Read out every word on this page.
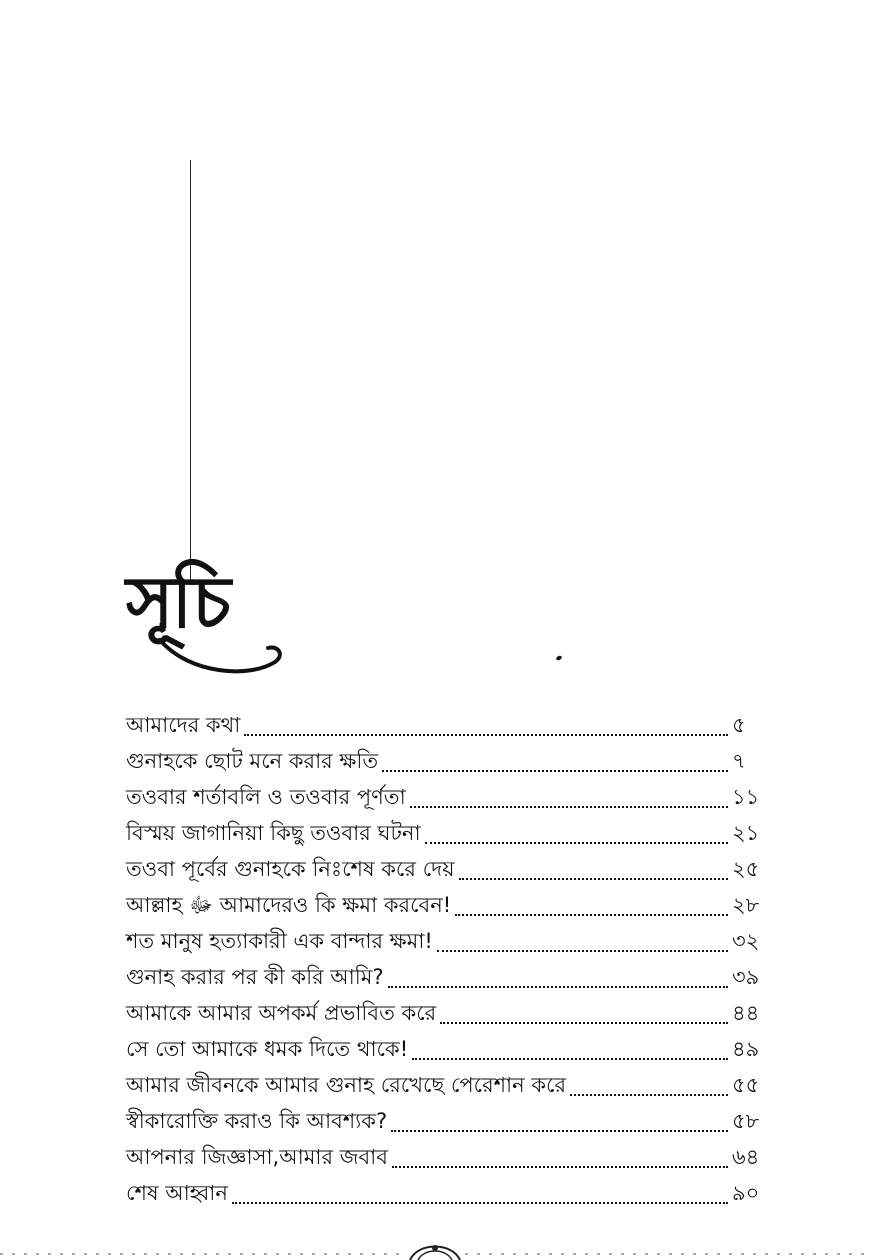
সূচি
আমাদের কথা	৫
গুনাহকে ছোট মনে করার ক্ষতি	৭
তওবার শর্তাবলি ও তওবার পূর্ণতা	১১
বিস্ময় জাগানিয়া কিছু তওবার ঘটনা	২১
তওবা পূর্বের গুনাহকে নিঃশেষ করে দেয়	২৫
আল্লাহ ﷻ আমাদেরও কি ক্ষমা করবেন!	২৮
শত মানুষ হত্যাকারী এক বান্দার ক্ষমা!	৩২
গুনাহ করার পর কী করি আমি?	৩৯
আমাকে আমার অপকর্ম প্রভাবিত করে	৪৪
সে তো আমাকে ধমক দিতে থাকে!	৪৯
আমার জীবনকে আমার গুনাহ রেখেছে পেরেশান করে	৫৫
স্বীকারোক্তি করাও কি আবশ্যক?	৫৮
আপনার জিজ্ঞাসা,আমার জবাব	৬৪
শেষ আহ্বান	৯০
